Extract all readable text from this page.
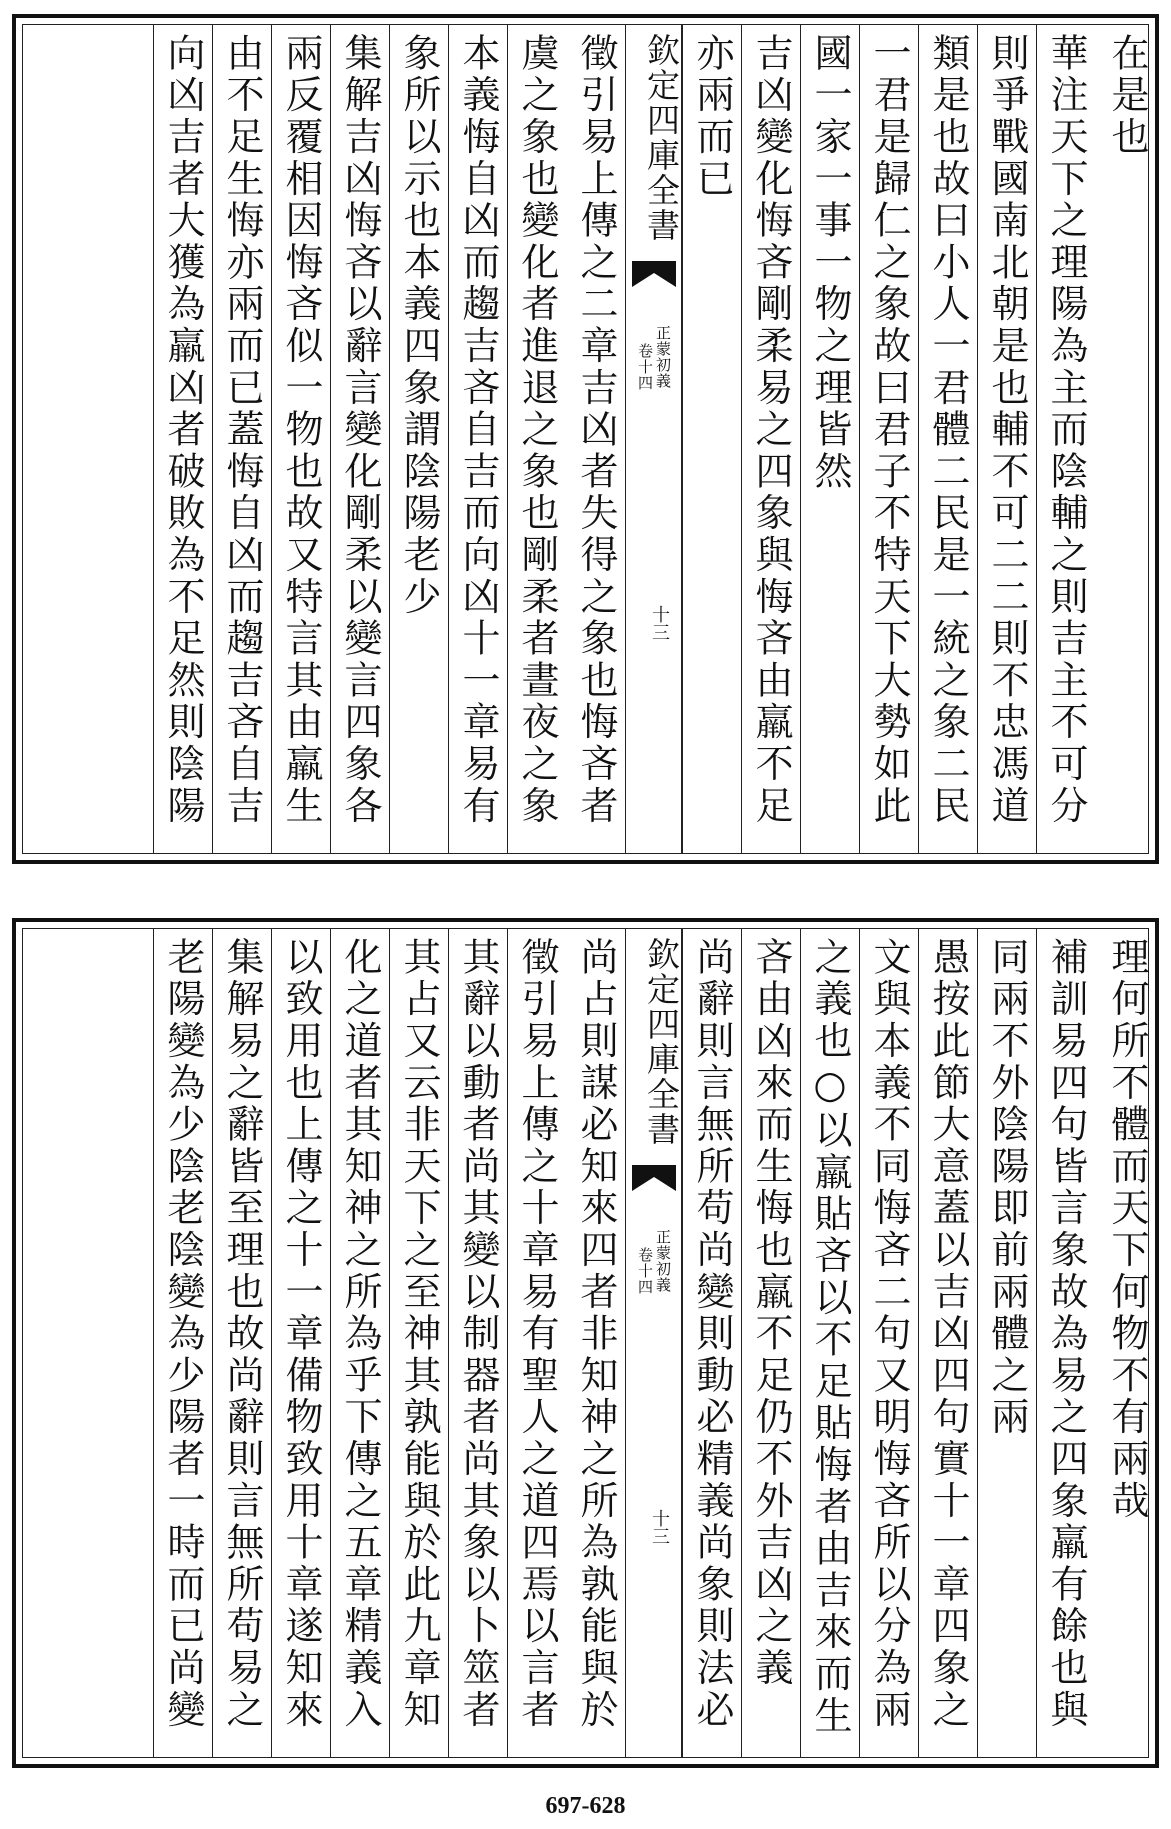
在是也
華注天下之理陽為主而陰輔之則吉主不可分
則爭戰國南北朝是也輔不可二二則不忠馮道
類是也故曰小人一君體二民是一統之象二民
一君是歸仁之象故曰君子不特天下大勢如此
國一家一事一物之理皆然
吉凶變化悔吝剛柔易之四象與悔吝由羸不足
亦兩而已
欽定四庫全書
正蒙初義
卷十四
十三
徵引易上傳之二章吉凶者失得之象也悔吝者
虞之象也變化者進退之象也剛柔者晝夜之象
本義悔自凶而趨吉吝自吉而向凶十一章易有
象所以示也本義四象謂陰陽老少
集解吉凶悔吝以辭言變化剛柔以變言四象各
兩反覆相因悔吝似一物也故又特言其由羸生
由不足生悔亦兩而已蓋悔自凶而趨吉吝自吉
向凶吉者大獲為羸凶者破敗為不足然則陰陽
理何所不體而天下何物不有兩哉
補訓易四句皆言象故為易之四象羸有餘也與
同兩不外陰陽即前兩體之兩
愚按此節大意蓋以吉凶四句實十一章四象之
文與本義不同悔吝二句又明悔吝所以分為兩
之義也○以羸貼吝以不足貼悔者由吉來而生
吝由凶來而生悔也羸不足仍不外吉凶之義
尚辭則言無所苟尚變則動必精義尚象則法必
欽定四庫全書
正蒙初義
卷十四
十三
尚占則謀必知來四者非知神之所為孰能與於
徵引易上傳之十章易有聖人之道四焉以言者
其辭以動者尚其變以制器者尚其象以卜筮者
其占又云非天下之至神其孰能與於此九章知
化之道者其知神之所為乎下傳之五章精義入
以致用也上傳之十一章備物致用十章遂知來
集解易之辭皆至理也故尚辭則言無所苟易之
老陽變為少陰老陰變為少陽者一時而已尚變
697-628
